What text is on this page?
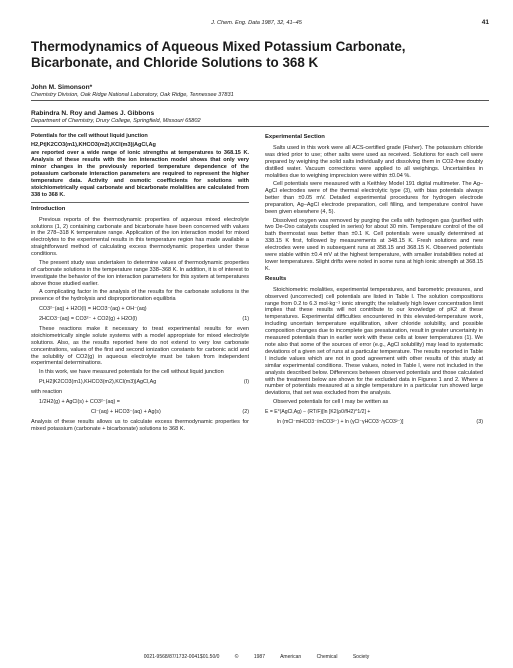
J. Chem. Eng. Data 1987, 32, 41–45	41
Thermodynamics of Aqueous Mixed Potassium Carbonate,
Bicarbonate, and Chloride Solutions to 368 K
John M. Simonson*
Chemistry Division, Oak Ridge National Laboratory, Oak Ridge, Tennessee 37831
Rabindra N. Roy and James J. Gibbons
Department of Chemistry, Drury College, Springfield, Missouri 65802

Potentials for the cell without liquid junction

H2,Pt|K2CO3(m1),KHCO3(m2),KCl(m3)|AgCl,Ag

are reported over a wide range of ionic strengths at temperatures to 368.15 K. Analysis of these results with the ion interaction model shows that only very minor changes in the previously reported temperature dependence of the potassium carbonate interaction parameters are required to represent the higher temperature data. Activity and osmotic coefficients for solutions with stoichiometrically equal carbonate and bicarbonate molalities are calculated from 338 to 368 K.

Introduction

Previous reports of the thermodynamic properties of aqueous mixed electrolyte solutions (1, 2) containing carbonate and bicarbonate have been concerned with values in the 278–318 K temperature range. Application of the ion interaction model for mixed electrolytes to the experimental results in this temperature region has made available a straightforward method of calculating excess thermodynamic properties under these conditions.

The present study was undertaken to determine values of thermodynamic properties of carbonate solutions in the temperature range 338–368 K. In addition, it is of interest to investigate the behavior of the ion interaction parameters for this system at temperatures above those studied earlier.

A complicating factor in the analysis of the results for the carbonate solutions is the presence of the hydrolysis and disproportionation equilibria

CO3²⁻(aq) + H2O(l) = HCO3⁻(aq) + OH⁻(aq)
2HCO3⁻(aq) = CO3²⁻ + CO2(g) + H2O(l)	(1)

These reactions make it necessary to treat experimental results for even stoichiometrically single solute systems with a model appropriate for mixed electrolyte solutions. Also, as the results reported here do not extend to very low carbonate concentrations, values of the first and second ionization constants for carbonic acid and the solubility of CO2(g) in aqueous electrolyte must be taken from independent experimental determinations.

In this work, we have measured potentials for the cell without liquid junction

Pt,H2|K2CO3(m1),KHCO3(m2),KCl(m3)|AgCl,Ag	(I)

with reaction

1/2H2(g) + AgCl(s) + CO3²⁻(aq) =
Cl⁻(aq) + HCO3⁻(aq) + Ag(s)	(2)

Analysis of these results allows us to calculate excess thermodynamic properties for mixed potassium (carbonate + bicarbonate) solutions to 368 K.

Experimental Section

Salts used in this work were all ACS-certified grade (Fisher). The potassium chloride was dried prior to use; other salts were used as received. Solutions for each cell were prepared by weighing the solid salts individually and dissolving them in CO2-free doubly distilled water. Vacuum corrections were applied to all weighings. Uncertainties in molalities due to weighing imprecision were within ±0.04 %.

Cell potentials were measured with a Keithley Model 191 digital multimeter. The Ag–AgCl electrodes were of the thermal electrolytic type (3), with bias potentials always better than ±0.05 mV. Detailed experimental procedures for hydrogen electrode preparation, Ag–AgCl electrode preparation, cell filling, and temperature control have been given elsewhere (4, 5).

Dissolved oxygen was removed by purging the cells with hydrogen gas (purified with two De-Oxo catalysts coupled in series) for about 30 min. Temperature control of the oil bath thermostat was better than ±0.1 K. Cell potentials were usually determined at 338.15 K first, followed by measurements at 348.15 K. Fresh solutions and new electrodes were used in subsequent runs at 358.15 and 368.15 K. Observed potentials were stable within ±0.4 mV at the highest temperature, with smaller instabilities noted at lower temperatures. Slight drifts were noted in some runs at high ionic strength at 368.15 K.

Results

Stoichiometric molalities, experimental temperatures, and barometric pressures, and observed (uncorrected) cell potentials are listed in Table I. The solution compositions range from 0.2 to 6.3 mol·kg⁻¹ ionic strength; the relatively high lower concentration limit implies that these results will not contribute to our knowledge of pK2 at these temperatures. Experimental difficulties encountered in this elevated-temperature work, including uncertain temperature equilibration, silver chloride solubility, and possible composition changes due to incomplete gas presaturation, result in greater uncertainty in measured potentials than in earlier work with these cells at lower temperatures (1). We note also that some of the sources of error (e.g., AgCl solubility) may lead to systematic deviations of a given set of runs at a particular temperature. The results reported in Table I include values which are not in good agreement with other results of this study at similar experimental conditions. These values, noted in Table I, were not included in the analysis described below. Differences between observed potentials and those calculated with the treatment below are shown for the excluded data in Figures 1 and 2. Where a number of potentials measured at a single temperature in a particular run showed large deviations, that set was excluded from the analysis.

Observed potentials for cell I may be written as

E = E°(AgCl,Ag) − (RT/F)[ln [K2(ρ0/fH2)^1/2] +
ln (mCl⁻mHCO3⁻/mCO3²⁻) + ln (γCl⁻γHCO3⁻/γCO3²⁻)]	(3)
0021-9568/87/1732-0041$01.50/0 © 1987 American Chemical Society
